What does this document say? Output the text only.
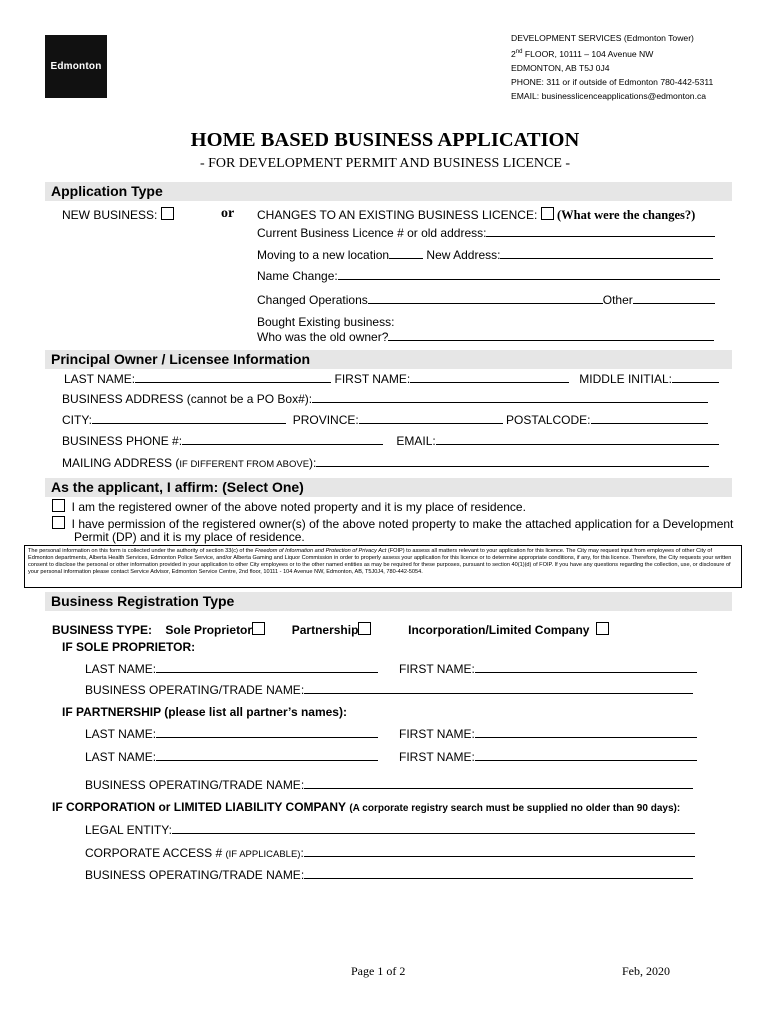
Edmonton
DEVELOPMENT SERVICES (Edmonton Tower)
2nd FLOOR, 10111 – 104 Avenue NW
EDMONTON, AB T5J 0J4
PHONE: 311 or if outside of Edmonton 780-442-5311
EMAIL: businesslicenceapplications@edmonton.ca
HOME BASED BUSINESS APPLICATION
- FOR DEVELOPMENT PERMIT AND BUSINESS LICENCE -
Application Type
NEW BUSINESS:	or CHANGES TO AN EXISTING BUSINESS LICENCE: (What were the changes?)
Current Business Licence # or old address:
Moving to a new location	New Address:
Name Change:
Changed Operations	Other
Bought Existing business:
Who was the old owner?
Principal Owner / Licensee Information
LAST NAME:	FIRST NAME:	MIDDLE INITIAL:
BUSINESS ADDRESS (cannot be a PO Box#):
CITY:	PROVINCE:	POSTALCODE:
BUSINESS PHONE #:	EMAIL:
MAILING ADDRESS (IF DIFFERENT FROM ABOVE):
As the applicant, I affirm: (Select One)
I am the registered owner of the above noted property and it is my place of residence.
I have permission of the registered owner(s) of the above noted property to make the attached application for a Development
Permit (DP) and it is my place of residence.
The personal information on this form is collected under the authority of section 33(c) of the Freedom of Information and Protection of Privacy Act (FOIP) to assess all matters relevant to your application for this licence. The City may request input from employees of other City of Edmonton departments, Alberta Health Services, Edmonton Police Service, and/or Alberta Gaming and Liquor Commission in order to properly assess your application for this licence or to determine appropriate conditions, if any, for this licence. Therefore, the City requests your written consent to disclose the personal or other information provided in your application to other City employees or to the other named entities as may be required for these purposes, pursuant to section 40(1)(d) of FOIP. If you have any questions regarding the collection, use, or disclosure of your personal information please contact Service Advisor, Edmonton Service Centre, 2nd floor, 10111 - 104 Avenue NW, Edmonton, AB, T5J0J4, 780-442-5054.
Business Registration Type
BUSINESS TYPE: Sole Proprietor	Partnership	Incorporation/Limited Company
IF SOLE PROPRIETOR:
LAST NAME:	FIRST NAME:
BUSINESS OPERATING/TRADE NAME:
IF PARTNERSHIP (please list all partner’s names):
LAST NAME:	FIRST NAME:
LAST NAME:	FIRST NAME:
BUSINESS OPERATING/TRADE NAME:
IF CORPORATION or LIMITED LIABILITY COMPANY (A corporate registry search must be supplied no older than 90 days):
LEGAL ENTITY:
CORPORATE ACCESS # (IF APPLICABLE):
BUSINESS OPERATING/TRADE NAME:
Page 1 of 2	Feb, 2020
